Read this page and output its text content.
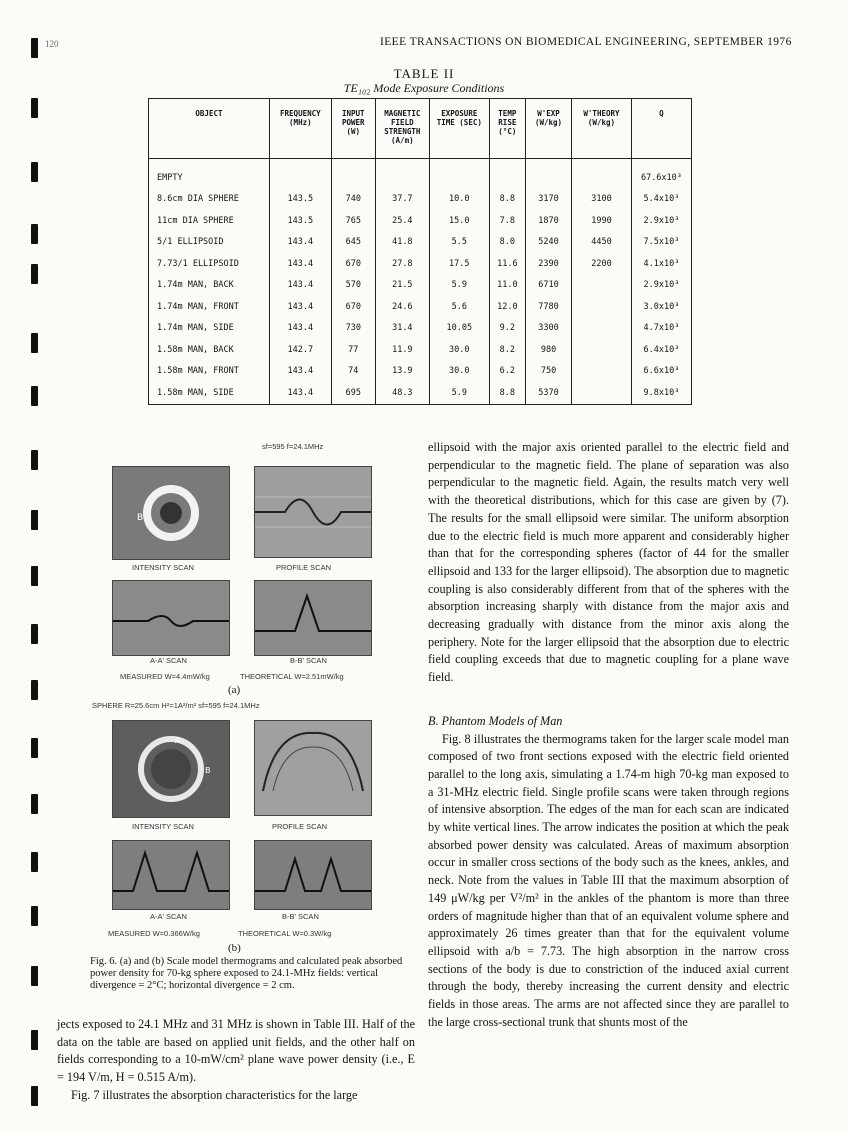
120	IEEE TRANSACTIONS ON BIOMEDICAL ENGINEERING, SEPTEMBER 1976
TABLE II
TE₁₀₂ Mode Exposure Conditions
OBJECT	FREQUENCY (MHz)	INPUT POWER (W)	MAGNETIC FIELD STRENGTH (A/m)	EXPOSURE TIME (SEC)	TEMP RISE (°C)	W'EXP (W/kg)	W'THEORY (W/kg)	Q

EMPTY								67.6x10³
8.6cm DIA SPHERE	143.5	740	37.7	10.0	8.8	3170	3100	5.4x10³
11cm DIA SPHERE	143.5	765	25.4	15.0	7.8	1870	1990	2.9x10³
5/1 ELLIPSOID	143.4	645	41.8	5.5	8.0	5240	4450	7.5x10³
7.73/1 ELLIPSOID	143.4	670	27.8	17.5	11.6	2390	2200	4.1x10³
1.74m MAN, BACK	143.4	570	21.5	5.9	11.0	6710		2.9x10³
1.74m MAN, FRONT	143.4	670	24.6	5.6	12.0	7780		3.0x10³
1.74m MAN, SIDE	143.4	730	31.4	10.05	9.2	3300		4.7x10³
1.58m MAN, BACK	142.7	77	11.9	30.0	8.2	980		6.4x10³
1.58m MAN, FRONT	143.4	74	13.9	30.0	6.2	750		6.6x10³
1.58m MAN, SIDE	143.4	695	48.3	5.9	8.8	5370		9.8x10³
sf=595 f=24.1MHz
B
INTENSITY SCAN	PROFILE SCAN
A-A' SCAN	B-B' SCAN
MEASURED W=4.4mW/kg	THEORETICAL W=2.51mW/kg
(a)
SPHERE R=25.6cm H²=1A²/m² sf=595 f=24.1MHz
A
B
INTENSITY SCAN	PROFILE SCAN
A-A' SCAN	B-B' SCAN
MEASURED W=0.366W/kg	THEORETICAL W=0.3W/kg
(b)
Fig. 6. (a) and (b) Scale model thermograms and calculated peak absorbed power density for 70-kg sphere exposed to 24.1-MHz fields: vertical divergence = 2°C; horizontal divergence = 2 cm.

jects exposed to 24.1 MHz and 31 MHz is shown in Table III. Half of the data on the table are based on applied unit fields, and the other half on fields corresponding to a 10-mW/cm² plane wave power density (i.e., E = 194 V/m, H = 0.515 A/m).

Fig. 7 illustrates the absorption characteristics for the large

ellipsoid with the major axis oriented parallel to the electric field and perpendicular to the magnetic field. The plane of separation was also perpendicular to the magnetic field. Again, the results match very well with the theoretical distributions, which for this case are given by (7). The results for the small ellipsoid were similar. The uniform absorption due to the electric field is much more apparent and considerably higher than that for the corresponding spheres (factor of 44 for the smaller ellipsoid and 133 for the larger ellipsoid). The absorption due to magnetic coupling is also considerably different from that of the spheres with the absorption increasing sharply with distance from the major axis and decreasing gradually with distance from the minor axis along the periphery. Note for the larger ellipsoid that the absorption due to electric field coupling exceeds that due to magnetic coupling for a plane wave field.

B. Phantom Models of Man

Fig. 8 illustrates the thermograms taken for the larger scale model man composed of two front sections exposed with the electric field oriented parallel to the long axis, simulating a 1.74-m high 70-kg man exposed to a 31-MHz electric field. Single profile scans were taken through regions of intensive absorption. The edges of the man for each scan are indicated by white vertical lines. The arrow indicates the position at which the peak absorbed power density was calculated. Areas of maximum absorption occur in smaller cross sections of the body such as the knees, ankles, and neck. Note from the values in Table III that the maximum absorption of 149 μW/kg per V²/m² in the ankles of the phantom is more than three orders of magnitude higher than that of an equivalent volume sphere and approximately 26 times greater than that for the equivalent volume ellipsoid with a/b = 7.73. The high absorption in the narrow cross sections of the body is due to constriction of the induced axial current through the body, thereby increasing the current density and electric fields in those areas. The arms are not affected since they are parallel to the large cross-sectional trunk that shunts most of the
